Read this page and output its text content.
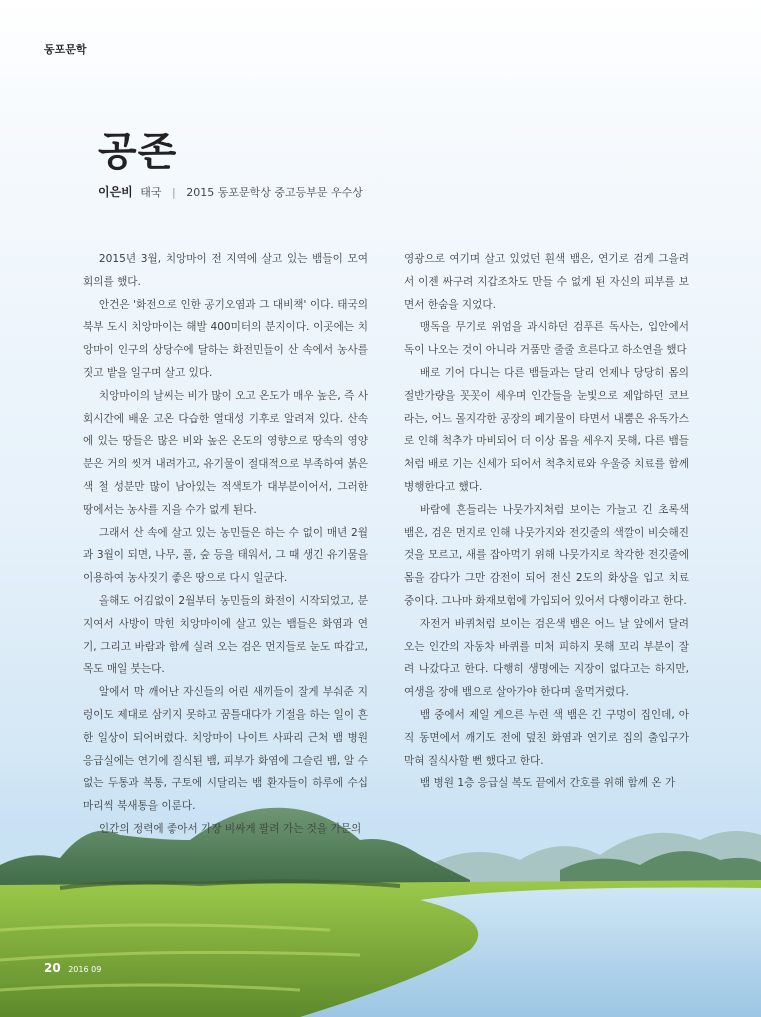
동포문학
공존
이은비 태국 | 2015 동포문학상 중고등부문 우수상

2015년 3월, 치앙마이 전 지역에 살고 있는 뱀들이 모여 회의를 했다.

안건은 '화전으로 인한 공기오염과 그 대비책' 이다. 태국의 북부 도시 치앙마이는 해발 400미터의 분지이다. 이곳에는 치앙마이 인구의 상당수에 달하는 화전민들이 산 속에서 농사를 짓고 밭을 일구며 살고 있다.

치앙마이의 날씨는 비가 많이 오고 온도가 매우 높은, 즉 사회시간에 배운 고온 다습한 열대성 기후로 알려져 있다. 산속에 있는 땅들은 많은 비와 높은 온도의 영향으로 땅속의 영양분은 거의 씻겨 내려가고, 유기물이 절대적으로 부족하여 붉은색 철 성분만 많이 남아있는 적색토가 대부분이어서, 그러한 땅에서는 농사를 지을 수가 없게 된다.

그래서 산 속에 살고 있는 농민들은 하는 수 없이 매년 2월과 3월이 되면, 나무, 풀, 숲 등을 태워서, 그 때 생긴 유기물을 이용하여 농사짓기 좋은 땅으로 다시 일군다.

올해도 어김없이 2월부터 농민들의 화전이 시작되었고, 분지여서 사방이 막힌 치앙마이에 살고 있는 뱀들은 화염과 연기, 그리고 바람과 함께 실려 오는 검은 먼지들로 눈도 따갑고, 목도 매일 붓는다.

알에서 막 깨어난 자신들의 어린 새끼들이 잘게 부숴준 지렁이도 제대로 삼키지 못하고 꿈틀대다가 기절을 하는 일이 흔한 일상이 되어버렸다. 치앙마이 나이트 사파리 근처 뱀 병원 응급실에는 연기에 질식된 뱀, 피부가 화염에 그슬린 뱀, 알 수 없는 두통과 복통, 구토에 시달리는 뱀 환자들이 하루에 수십 마리씩 북새통을 이룬다.

인간의 정력에 좋아서 가장 비싸게 팔려 가는 것을 가문의

영광으로 여기며 살고 있었던 흰색 뱀은, 연기로 검게 그을려서 이젠 싸구려 지갑조차도 만들 수 없게 된 자신의 피부를 보면서 한숨을 지었다.

맹독을 무기로 위엄을 과시하던 검푸른 독사는, 입안에서 독이 나오는 것이 아니라 거품만 줄줄 흐른다고 하소연을 했다

배로 기어 다니는 다른 뱀들과는 달리 언제나 당당히 몸의 절반가량을 꼿꼿이 세우며 인간들을 눈빛으로 제압하던 코브라는, 어느 몰지각한 공장의 폐기물이 타면서 내뿜은 유독가스로 인해 척추가 마비되어 더 이상 몸을 세우지 못해, 다른 뱀들처럼 배로 기는 신세가 되어서 척추치료와 우울증 치료를 함께 병행한다고 했다.

바람에 흔들리는 나뭇가지처럼 보이는 가늘고 긴 초록색 뱀은, 검은 먼지로 인해 나뭇가지와 전깃줄의 색깔이 비슷해진 것을 모르고, 새를 잡아먹기 위해 나뭇가지로 착각한 전깃줄에 몸을 감다가 그만 감전이 되어 전신 2도의 화상을 입고 치료 중이다. 그나마 화재보험에 가입되어 있어서 다행이라고 한다.

자전거 바퀴처럼 보이는 검은색 뱀은 어느 날 앞에서 달려오는 인간의 자동차 바퀴를 미처 피하지 못해 꼬리 부분이 잘려 나갔다고 한다. 다행히 생명에는 지장이 없다고는 하지만, 여생을 장애 뱀으로 살아가야 한다며 울먹거렸다.

뱀 중에서 제일 게으른 누런 색 뱀은 긴 구멍이 집인데, 아직 동면에서 깨기도 전에 덮친 화염과 연기로 집의 출입구가 막혀 질식사할 뻔 했다고 한다.

뱀 병원 1층 응급실 복도 끝에서 간호를 위해 함께 온 가

20 2016 09
